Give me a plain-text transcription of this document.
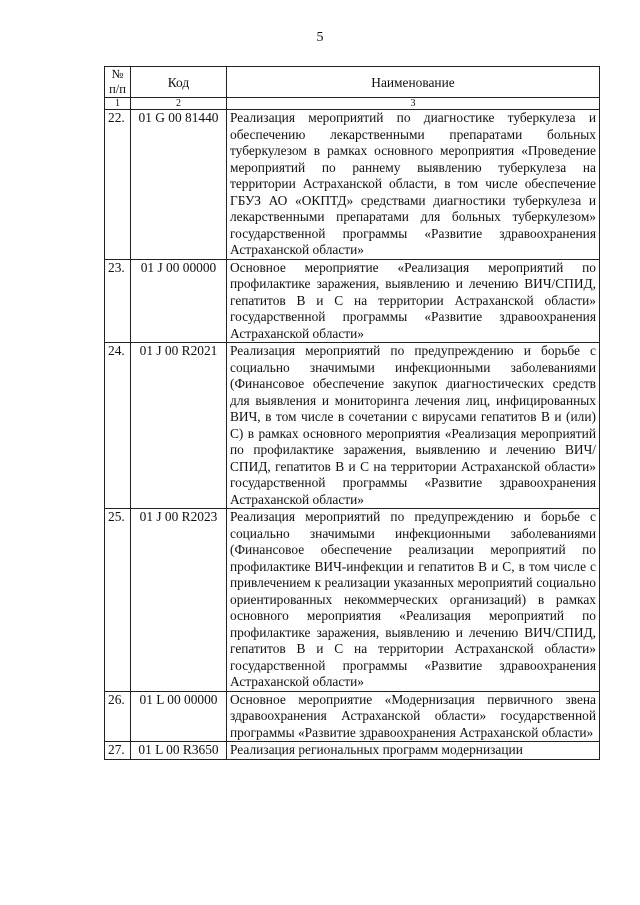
5
№ п/п	Код	Наименование
1	2	3
22.	01 G 00 81440	Реализация мероприятий по диагностике туберкулеза и обеспечению лекарственными препаратами больных туберкулезом в рамках основного мероприятия «Проведение мероприятий по раннему выявлению туберкулеза на территории Астраханской области, в том числе обеспечение ГБУЗ АО «ОКПТД» средствами диагностики туберкулеза и лекарственными препаратами для больных туберкулезом» государственной программы «Развитие здравоохранения Астраханской области»
23.	01 J 00 00000	Основное мероприятие «Реализация мероприятий по профилактике заражения, выявлению и лечению ВИЧ/СПИД, гепатитов В и С на территории Астраханской области» государственной программы «Развитие здравоохранения Астраханской области»
24.	01 J 00 R2021	Реализация мероприятий по предупреждению и борьбе с социально значимыми инфекционными заболеваниями (Финансовое обеспечение закупок диагностических средств для выявления и мониторинга лечения лиц, инфицированных ВИЧ, в том числе в сочетании с вирусами гепатитов В и (или) С) в рамках основного мероприятия «Реализация мероприятий по профилактике заражения, выявлению и лечению ВИЧ/СПИД, гепатитов В и С на территории Астраханской области» государственной программы «Развитие здравоохранения Астраханской области»
25.	01 J 00 R2023	Реализация мероприятий по предупреждению и борьбе с социально значимыми инфекционными заболеваниями (Финансовое обеспечение реализации мероприятий по профилактике ВИЧ-инфекции и гепатитов В и С, в том числе с привлечением к реализации указанных мероприятий социально ориентированных некоммерческих организаций) в рамках основного мероприятия «Реализация мероприятий по профилактике заражения, выявлению и лечению ВИЧ/СПИД, гепатитов В и С на территории Астраханской области» государственной программы «Развитие здравоохранения Астраханской области»
26.	01 L 00 00000	Основное мероприятие «Модернизация первичного звена здравоохранения Астраханской области» государственной программы «Развитие здравоохранения Астраханской области»
27.	01 L 00 R3650	Реализация региональных программ модернизации
